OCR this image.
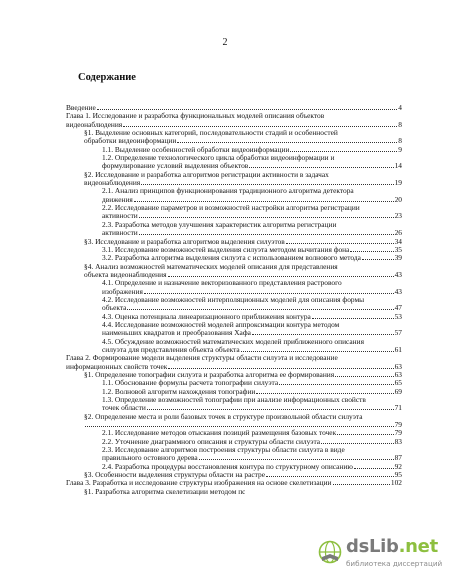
2
Содержание
Введение	4
Глава 1. Исследование и разработка функциональных моделей описания объектов
видеонаблюдения	8
§1. Выделение основных категорий, последовательности стадий и особенностей
обработки видеоинформации	8
1.1. Выделение особенностей обработки видеоинформации	9
1.2. Определение технологического цикла обработки видеоинформации и
формулирование условий выделения объектов	14
§2. Исследование и разработка алгоритмов регистрации активности в задачах
видеонаблюдения	19
2.1. Анализ принципов функционирования традиционного алгоритма детектора
движения	20
2.2. Исследование параметров и возможностей настройки алгоритма регистрации
активности	23
2.3. Разработка методов улучшения характеристик алгоритма регистрации
активности	26
§3. Исследование и разработка алгоритмов выделения силуэтов	34
3.1. Исследование возможностей выделения силуэта методом вычитания фона	35
3.2. Разработка алгоритма выделения силуэта с использованием волнового метода	39
§4. Анализ возможностей математических моделей описания для представления
объекта видеонаблюдения	43
4.1. Определение и назначение векторизованного представления растрового
изображения	43
4.2. Исследование возможностей интерполяционных моделей для описания формы
объекта	47
4.3. Оценка потенциала линеаризационного приближения контура	53
4.4. Исследование возможностей моделей аппроксимации контура методом
наименьших квадратов и преобразования Хафа	57
4.5. Обсуждение возможностей математических моделей приближенного описания
силуэта для представления объекта объекта	61
Глава 2. Формирование модели выделения структуры области силуэта и исследование
информационных свойств точек	63
§1. Определение топографии силуэта и разработка алгоритма ее формирования	63
1.1. Обоснование формулы расчета топографии силуэта	65
1.2. Волновой алгоритм нахождения топографии	69
1.3. Определение возможностей топографии при анализе информационных свойств
точек области	71
§2. Определение места и роли базовых точек в структуре произвольной области силуэта
79
2.1. Исследование методов отыскания позиций размещения базовых точек	79
2.2. Уточнение диаграммного описания и структуры области силуэта	83
2.3. Исследование алгоритмов построения структуры области силуэта в виде
правильного остовного дерева	87
2.4. Разработка процедуры восстановления контура по структурному описанию	92
§3. Особенности выделения структуры области на растре	95
Глава 3. Разработка и исследование структуры изображения на основе скелетизации	102
§1. Разработка алгоритма скелетизации методом пс
dsLib.net
библиотека диссертаций
